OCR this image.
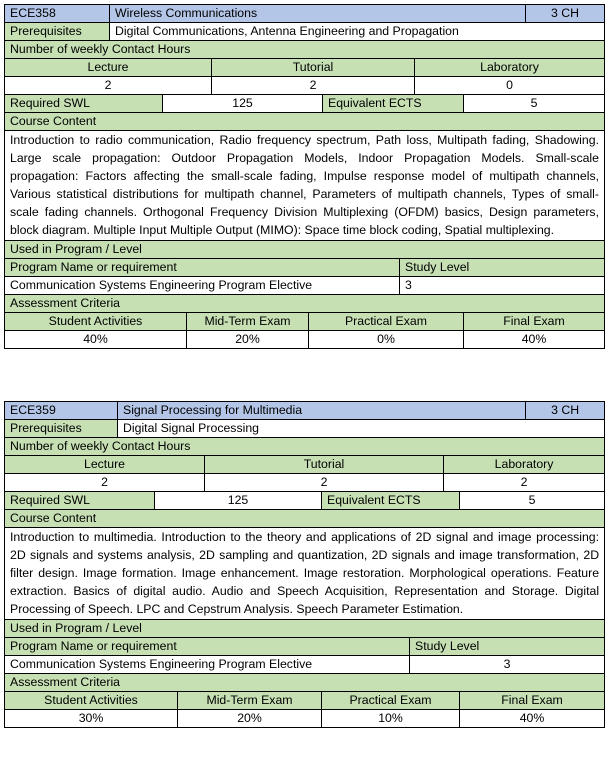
ECE358	Wireless Communications									3 CH
Prerequisites	Digital Communications, Antenna Engineering and Propagation									
Number of weekly Contact Hours										
Lecture				Tutorial				Laboratory		
2				2				0		
Required SWL		125				Equivalent ECTS			5	
Course Content										
Introduction to radio communication, Radio frequency spectrum, Path loss, Multipath fading, Shadowing. Large scale propagation: Outdoor Propagation Models, Indoor Propagation Models. Small-scale propagation: Factors affecting the small-scale fading, Impulse response model of multipath channels, Various statistical distributions for multipath channel, Parameters of multipath channels, Types of small-scale fading channels. Orthogonal Frequency Division Multiplexing (OFDM) basics, Design parameters, block diagram. Multiple Input Multiple Output (MIMO): Space time block coding, Spatial multiplexing.										
Used in Program / Level										
Program Name or requirement							Study Level			
Communication Systems Engineering Program Elective							3			
Assessment Criteria										
Student Activities			Mid-Term Exam		Practical Exam				Final Exam	
40%			20%		0%				40%	
ECE359	Signal Processing for Multimedia								3 CH
Prerequisites	Digital Signal Processing								
Number of weekly Contact Hours									
Lecture				Tutorial			Laboratory		
2				2			2		
Required SWL		125			Equivalent ECTS			5	
Course Content									
Introduction to multimedia. Introduction to the theory and applications of 2D signal and image processing: 2D signals and systems analysis, 2D sampling and quantization, 2D signals and image transformation, 2D filter design. Image formation. Image enhancement. Image restoration. Morphological operations. Feature extraction. Basics of digital audio. Audio and Speech Acquisition, Representation and Storage. Digital Processing of Speech. LPC and Cepstrum Analysis. Speech Parameter Estimation.									
Used in Program / Level									
Program Name or requirement						Study Level			
Communication Systems Engineering Program Elective						3			
Assessment Criteria									
Student Activities			Mid-Term Exam		Practical Exam			Final Exam	
30%			20%		10%			40%	
